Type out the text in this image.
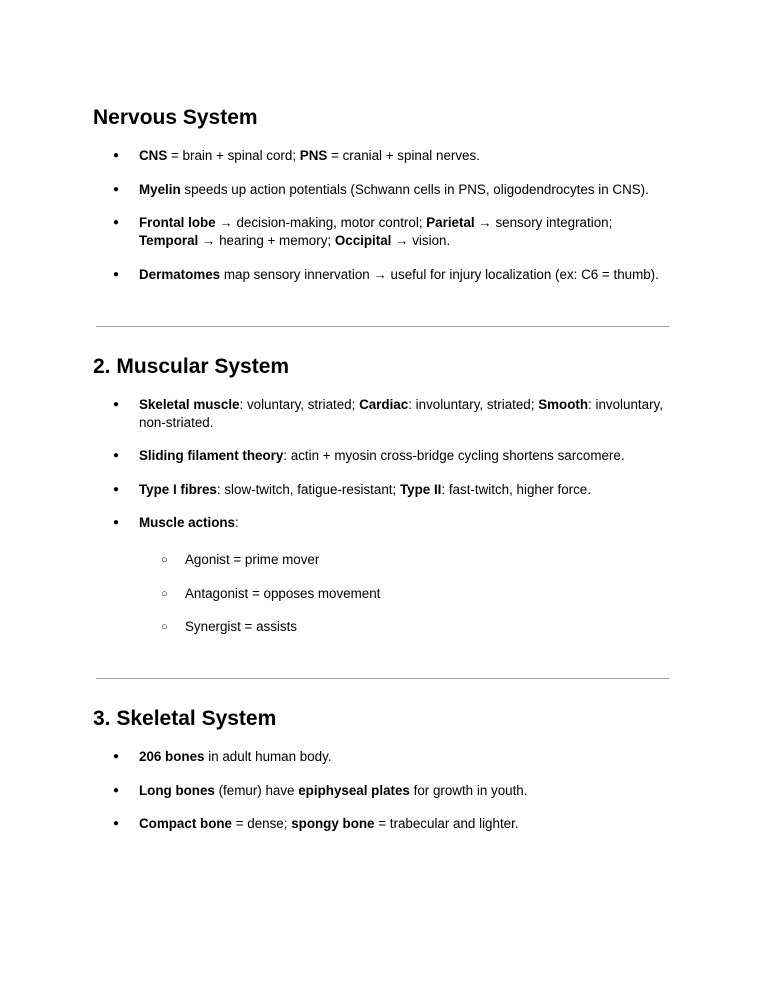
Nervous System
● CNS = brain + spinal cord; PNS = cranial + spinal nerves.
● Myelin speeds up action potentials (Schwann cells in PNS, oligodendrocytes in CNS).
● Frontal lobe → decision-making, motor control; Parietal → sensory integration; Temporal → hearing + memory; Occipital → vision.
● Dermatomes map sensory innervation → useful for injury localization (ex: C6 = thumb).
2. Muscular System
● Skeletal muscle: voluntary, striated; Cardiac: involuntary, striated; Smooth: involuntary, non-striated.
● Sliding filament theory: actin + myosin cross-bridge cycling shortens sarcomere.
● Type I fibres: slow-twitch, fatigue-resistant; Type II: fast-twitch, higher force.
● Muscle actions:
○ Agonist = prime mover
○ Antagonist = opposes movement
○ Synergist = assists
3. Skeletal System
● 206 bones in adult human body.
● Long bones (femur) have epiphyseal plates for growth in youth.
● Compact bone = dense; spongy bone = trabecular and lighter.
